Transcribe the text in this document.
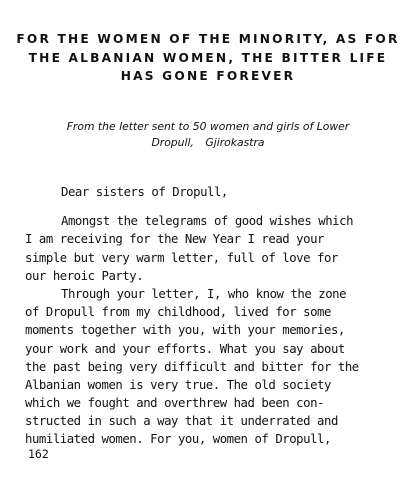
FOR THE WOMEN OF THE MINORITY, AS FOR
THE ALBANIAN WOMEN, THE BITTER LIFE
HAS GONE FOREVER
From the letter sent to 50 women and girls of Lower
Dropull, Gjirokastra
Dear sisters of Dropull,
Amongst the telegrams of good wishes which
I am receiving for the New Year I read your
simple but very warm letter, full of love for
our heroic Party.
Through your letter, I, who know the zone
of Dropull from my childhood, lived for some
moments together with you, with your memories,
your work and your efforts. What you say about
the past being very difficult and bitter for the
Albanian women is very true. The old society
which we fought and overthrew had been con-
structed in such a way that it underrated and
humiliated women. For you, women of Dropull,
162
